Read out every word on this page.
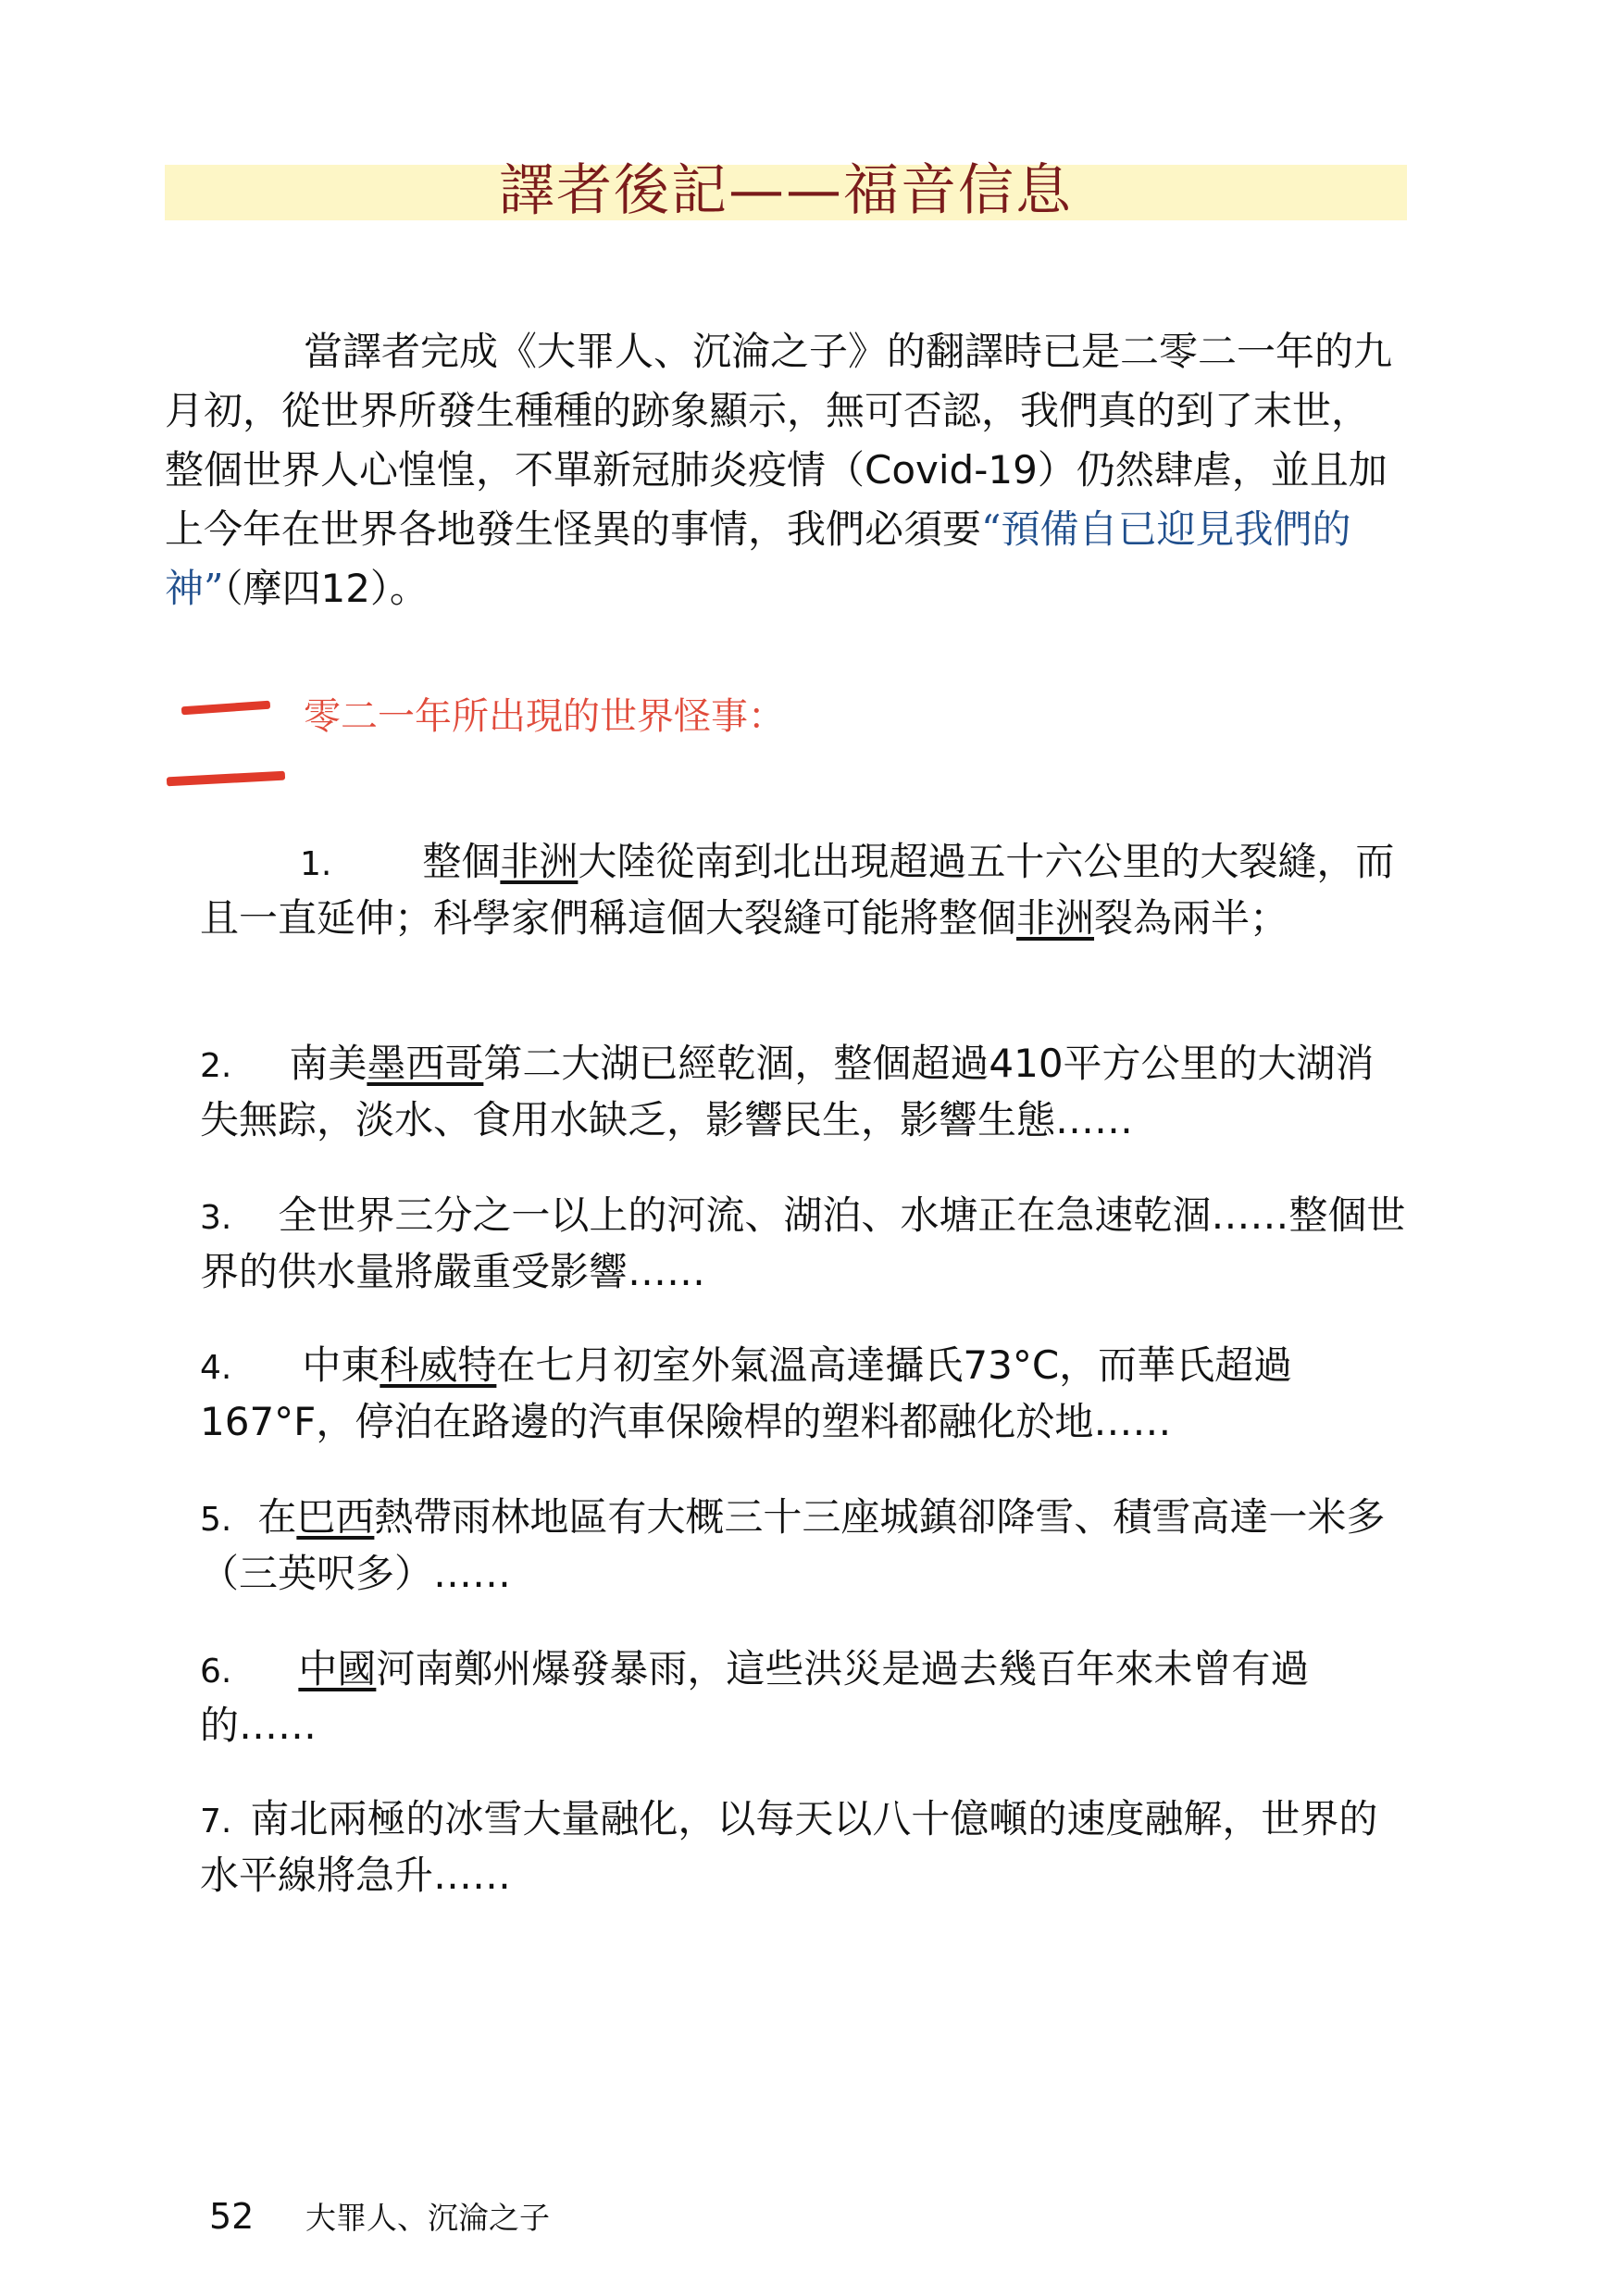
譯者後記——福音信息

當譯者完成《大罪人、沉淪之子》的翻譯時已是二零二一年的九月初，從世界所發生種種的跡象顯示，無可否認，我們真的到了末世，整個世界人心惶惶，不單新冠肺炎疫情（Covid-19）仍然肆虐，並且加上今年在世界各地發生怪異的事情，我們必須要“預備自已迎見我們的神”（摩四12）。

零二一年所出現的世界怪事：

1. 整個非洲大陸從南到北出現超過五十六公里的大裂縫，而且一直延伸；科學家們稱這個大裂縫可能將整個非洲裂為兩半；

2. 南美墨西哥第二大湖已經乾涸，整個超過410平方公里的大湖消失無踪，淡水、食用水缺乏，影響民生，影響生態……

3. 全世界三分之一以上的河流、湖泊、水塘正在急速乾涸……整個世界的供水量將嚴重受影響……

4. 中東科威特在七月初室外氣溫高達攝氏73°C，而華氏超過167°F，停泊在路邊的汽車保險桿的塑料都融化於地……

5. 在巴西熱帶雨林地區有大概三十三座城鎮卻降雪、積雪高達一米多（三英呎多）……

6. 中國河南鄭州爆發暴雨，這些洪災是過去幾百年來未曾有過的……

7. 南北兩極的冰雪大量融化，以每天以八十億噸的速度融解，世界的水平線將急升……

52 大罪人、沉淪之子
